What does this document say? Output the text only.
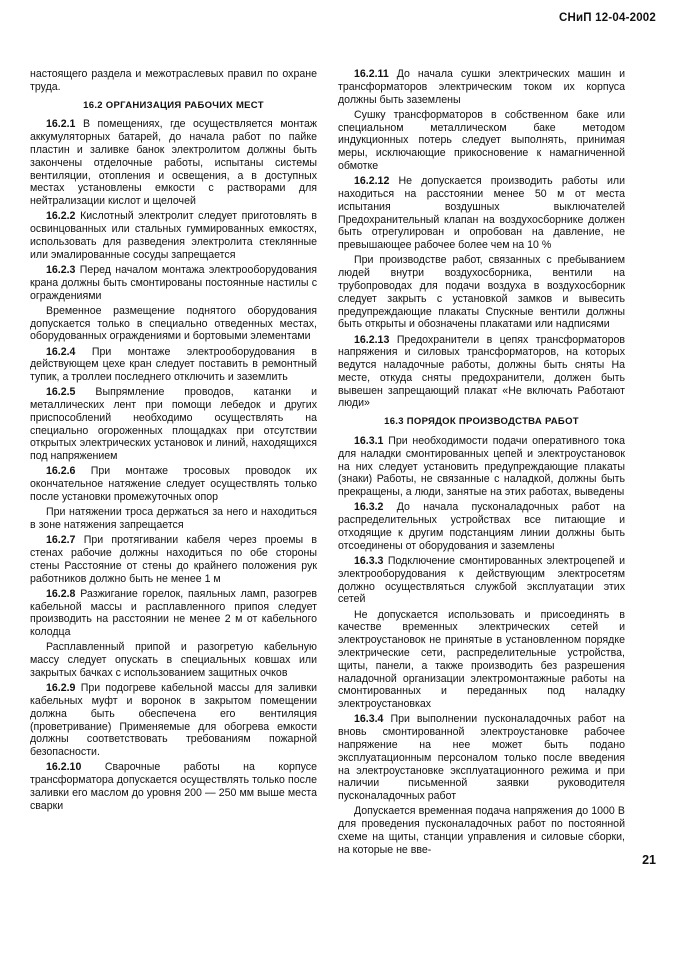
СНиП 12-04-2002

настоящего раздела и межотраслевых правил по охране труда.

16.2 ОРГАНИЗАЦИЯ РАБОЧИХ МЕСТ

16.2.1 В помещениях, где осуществляется монтаж аккумуляторных батарей, до начала работ по пайке пластин и заливке банок электролитом должны быть закончены отделочные работы, испытаны системы вентиляции, отопления и освещения, а в доступных местах установлены емкости с растворами для нейтрализации кислот и щелочей

16.2.2 Кислотный электролит следует приготовлять в освинцованных или стальных гуммированных емкостях, использовать для разведения электролита стеклянные или эмалированные сосуды запрещается

16.2.3 Перед началом монтажа электрооборудования крана должны быть смонтированы постоянные настилы с ограждениями

Временное размещение поднятого оборудования допускается только в специально отведенных местах, оборудованных ограждениями и бортовыми элементами

16.2.4 При монтаже электрооборудования в действующем цехе кран следует поставить в ремонтный тупик, а троллеи последнего отключить и заземлить

16.2.5 Выпрямление проводов, катанки и металлических лент при помощи лебедок и других приспособлений необходимо осуществлять на специально огороженных площадках при отсутствии открытых электрических установок и линий, находящихся под напряжением

16.2.6 При монтаже тросовых проводок их окончательное натяжение следует осуществлять только после установки промежуточных опор

При натяжении троса держаться за него и находиться в зоне натяжения запрещается

16.2.7 При протягивании кабеля через проемы в стенах рабочие должны находиться по обе стороны стены Расстояние от стены до крайнего положения рук работников должно быть не менее 1 м

16.2.8 Разжигание горелок, паяльных ламп, разогрев кабельной массы и расплавленного припоя следует производить на расстоянии не менее 2 м от кабельного колодца

Расплавленный припой и разогретую кабельную массу следует опускать в специальных ковшах или закрытых бачках с использованием защитных очков

16.2.9 При подогреве кабельной массы для заливки кабельных муфт и воронок в закрытом помещении должна быть обеспечена его вентиляция (проветривание) Применяемые для обогрева емкости должны соответствовать требованиям пожарной безопасности.

16.2.10 Сварочные работы на корпусе трансформатора допускается осуществлять только после заливки его маслом до уровня 200 — 250 мм выше места сварки

16.2.11 До начала сушки электрических машин и трансформаторов электрическим током их корпуса должны быть заземлены

Сушку трансформаторов в собственном баке или специальном металлическом баке методом индукционных потерь следует выполнять, принимая меры, исключающие прикосновение к намагниченной обмотке

16.2.12 Не допускается производить работы или находиться на расстоянии менее 50 м от места испытания воздушных выключателей Предохранительный клапан на воздухосборнике должен быть отрегулирован и опробован на давление, не превышающее рабочее более чем на 10 %

При производстве работ, связанных с пребыванием людей внутри воздухосборника, вентили на трубопроводах для подачи воздуха в воздухосборник следует закрыть с установкой замков и вывесить предупреждающие плакаты Спускные вентили должны быть открыты и обозначены плакатами или надписями

16.2.13 Предохранители в цепях трансформаторов напряжения и силовых трансформаторов, на которых ведутся наладочные работы, должны быть сняты На месте, откуда сняты предохранители, должен быть вывешен запрещающий плакат «Не включать Работают люди»

16.3 ПОРЯДОК ПРОИЗВОДСТВА РАБОТ

16.3.1 При необходимости подачи оперативного тока для наладки смонтированных цепей и электроустановок на них следует установить предупреждающие плакаты (знаки) Работы, не связанные с наладкой, должны быть прекращены, а люди, занятые на этих работах, выведены

16.3.2 До начала пусконаладочных работ на распределительных устройствах все питающие и отходящие к другим подстанциям линии должны быть отсоединены от оборудования и заземлены

16.3.3 Подключение смонтированных электроцепей и электрооборудования к действующим электросетям должно осуществляться службой эксплуатации этих сетей

Не допускается использовать и присоединять в качестве временных электрических сетей и электроустановок не принятые в установленном порядке электрические сети, распределительные устройства, щиты, панели, а также производить без разрешения наладочной организации электромонтажные работы на смонтированных и переданных под наладку электроустановках

16.3.4 При выполнении пусконаладочных работ на вновь смонтированной электроустановке рабочее напряжение на нее может быть подано эксплуатационным персоналом только после введения на электроустановке эксплуатационного режима и при наличии письменной заявки руководителя пусконаладочных работ

Допускается временная подача напряжения до 1000 В для проведения пусконаладочных работ по постоянной схеме на щиты, станции управления и силовые сборки, на которые не вве-

21
